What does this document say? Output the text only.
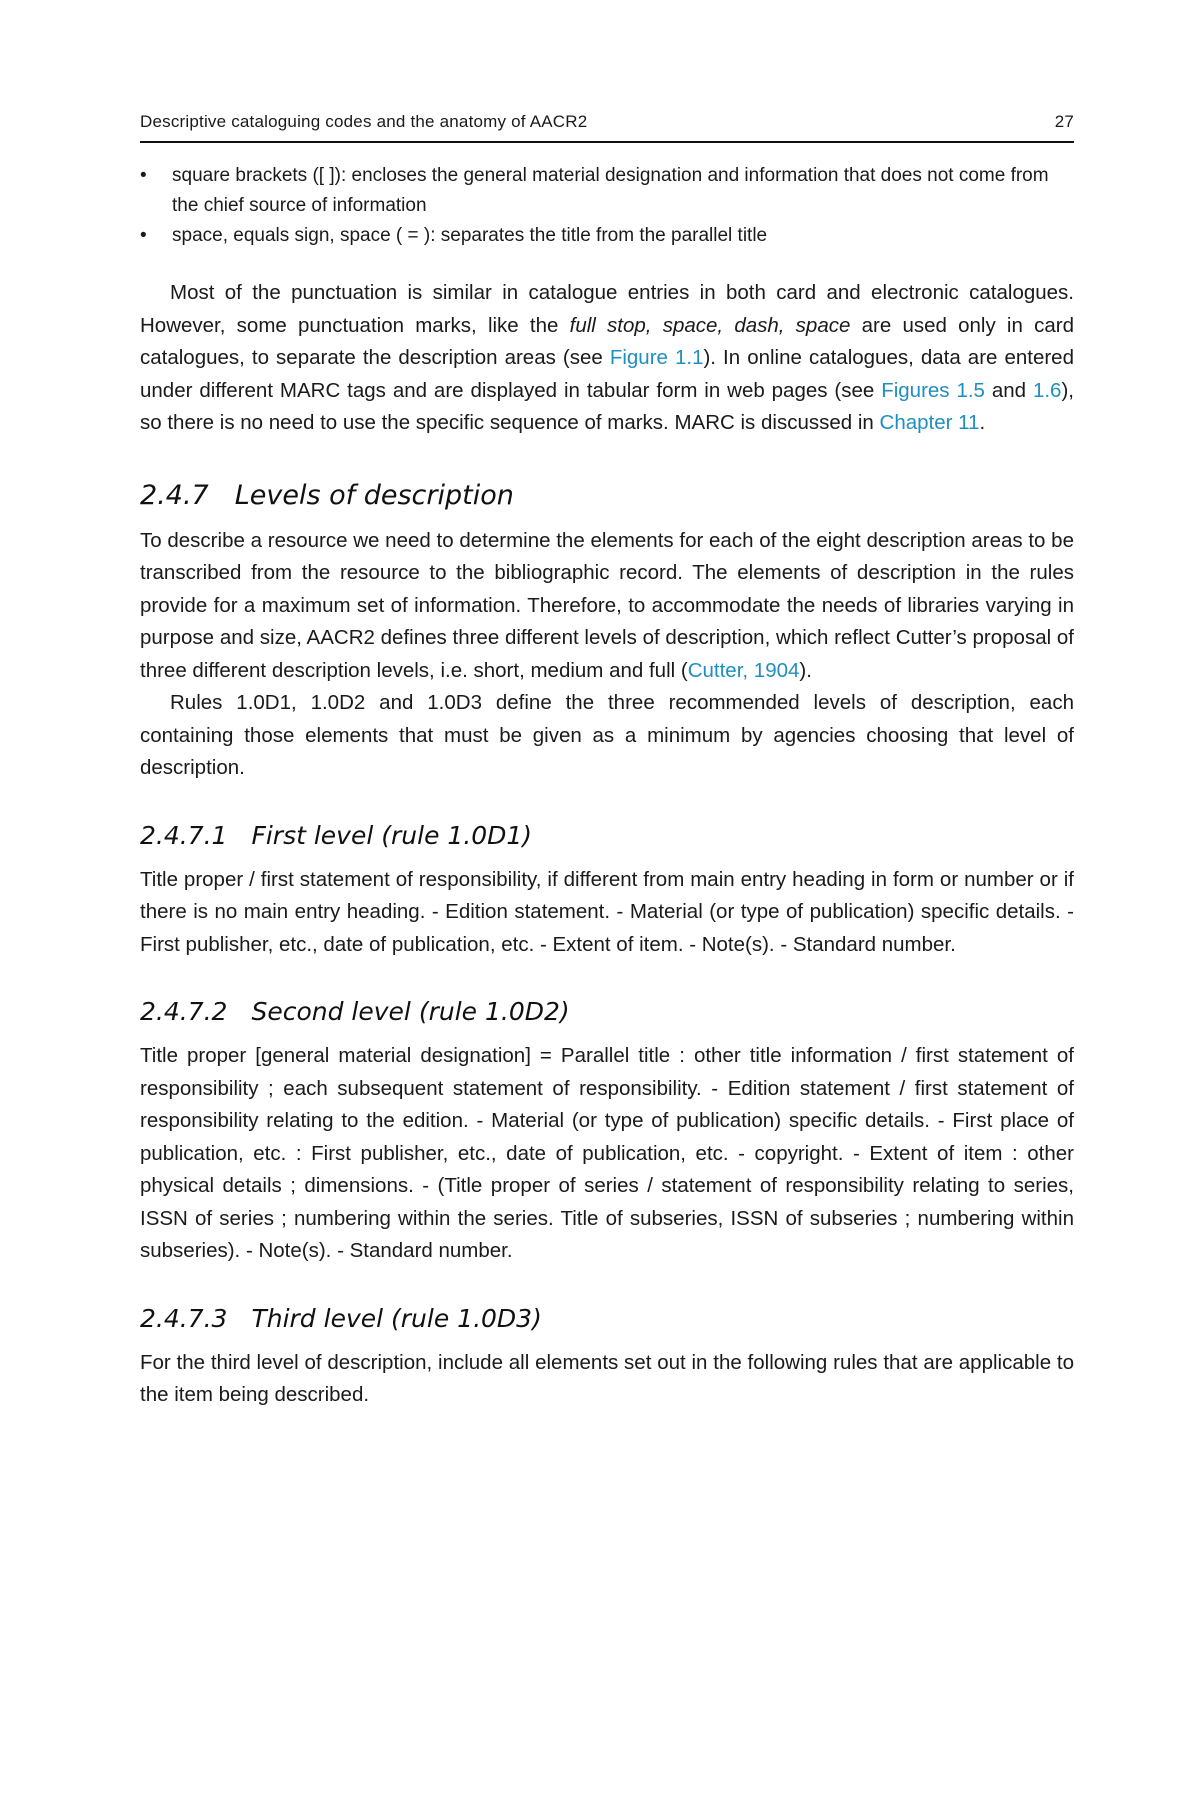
Descriptive cataloguing codes and the anatomy of AACR2	27
• square brackets ([ ]): encloses the general material designation and information that does not come from the chief source of information
• space, equals sign, space ( = ): separates the title from the parallel title

Most of the punctuation is similar in catalogue entries in both card and electronic catalogues. However, some punctuation marks, like the full stop, space, dash, space are used only in card catalogues, to separate the description areas (see Figure 1.1). In online catalogues, data are entered under different MARC tags and are displayed in tabular form in web pages (see Figures 1.5 and 1.6), so there is no need to use the specific sequence of marks. MARC is discussed in Chapter 11.

2.4.7 Levels of description

To describe a resource we need to determine the elements for each of the eight description areas to be transcribed from the resource to the bibliographic record. The elements of description in the rules provide for a maximum set of information. Therefore, to accommodate the needs of libraries varying in purpose and size, AACR2 defines three different levels of description, which reflect Cutter’s proposal of three different description levels, i.e. short, medium and full (Cutter, 1904).

Rules 1.0D1, 1.0D2 and 1.0D3 define the three recommended levels of description, each containing those elements that must be given as a minimum by agencies choosing that level of description.

2.4.7.1 First level (rule 1.0D1)

Title proper / first statement of responsibility, if different from main entry heading in form or number or if there is no main entry heading. - Edition statement. - Material (or type of publication) specific details. - First publisher, etc., date of publication, etc. - Extent of item. - Note(s). - Standard number.

2.4.7.2 Second level (rule 1.0D2)

Title proper [general material designation] = Parallel title : other title information / first statement of responsibility ; each subsequent statement of responsibility. - Edition statement / first statement of responsibility relating to the edition. - Material (or type of publication) specific details. - First place of publication, etc. : First publisher, etc., date of publication, etc. - copyright. - Extent of item : other physical details ; dimensions. - (Title proper of series / statement of responsibility relating to series, ISSN of series ; numbering within the series. Title of subseries, ISSN of subseries ; numbering within subseries). - Note(s). - Standard number.

2.4.7.3 Third level (rule 1.0D3)

For the third level of description, include all elements set out in the following rules that are applicable to the item being described.
